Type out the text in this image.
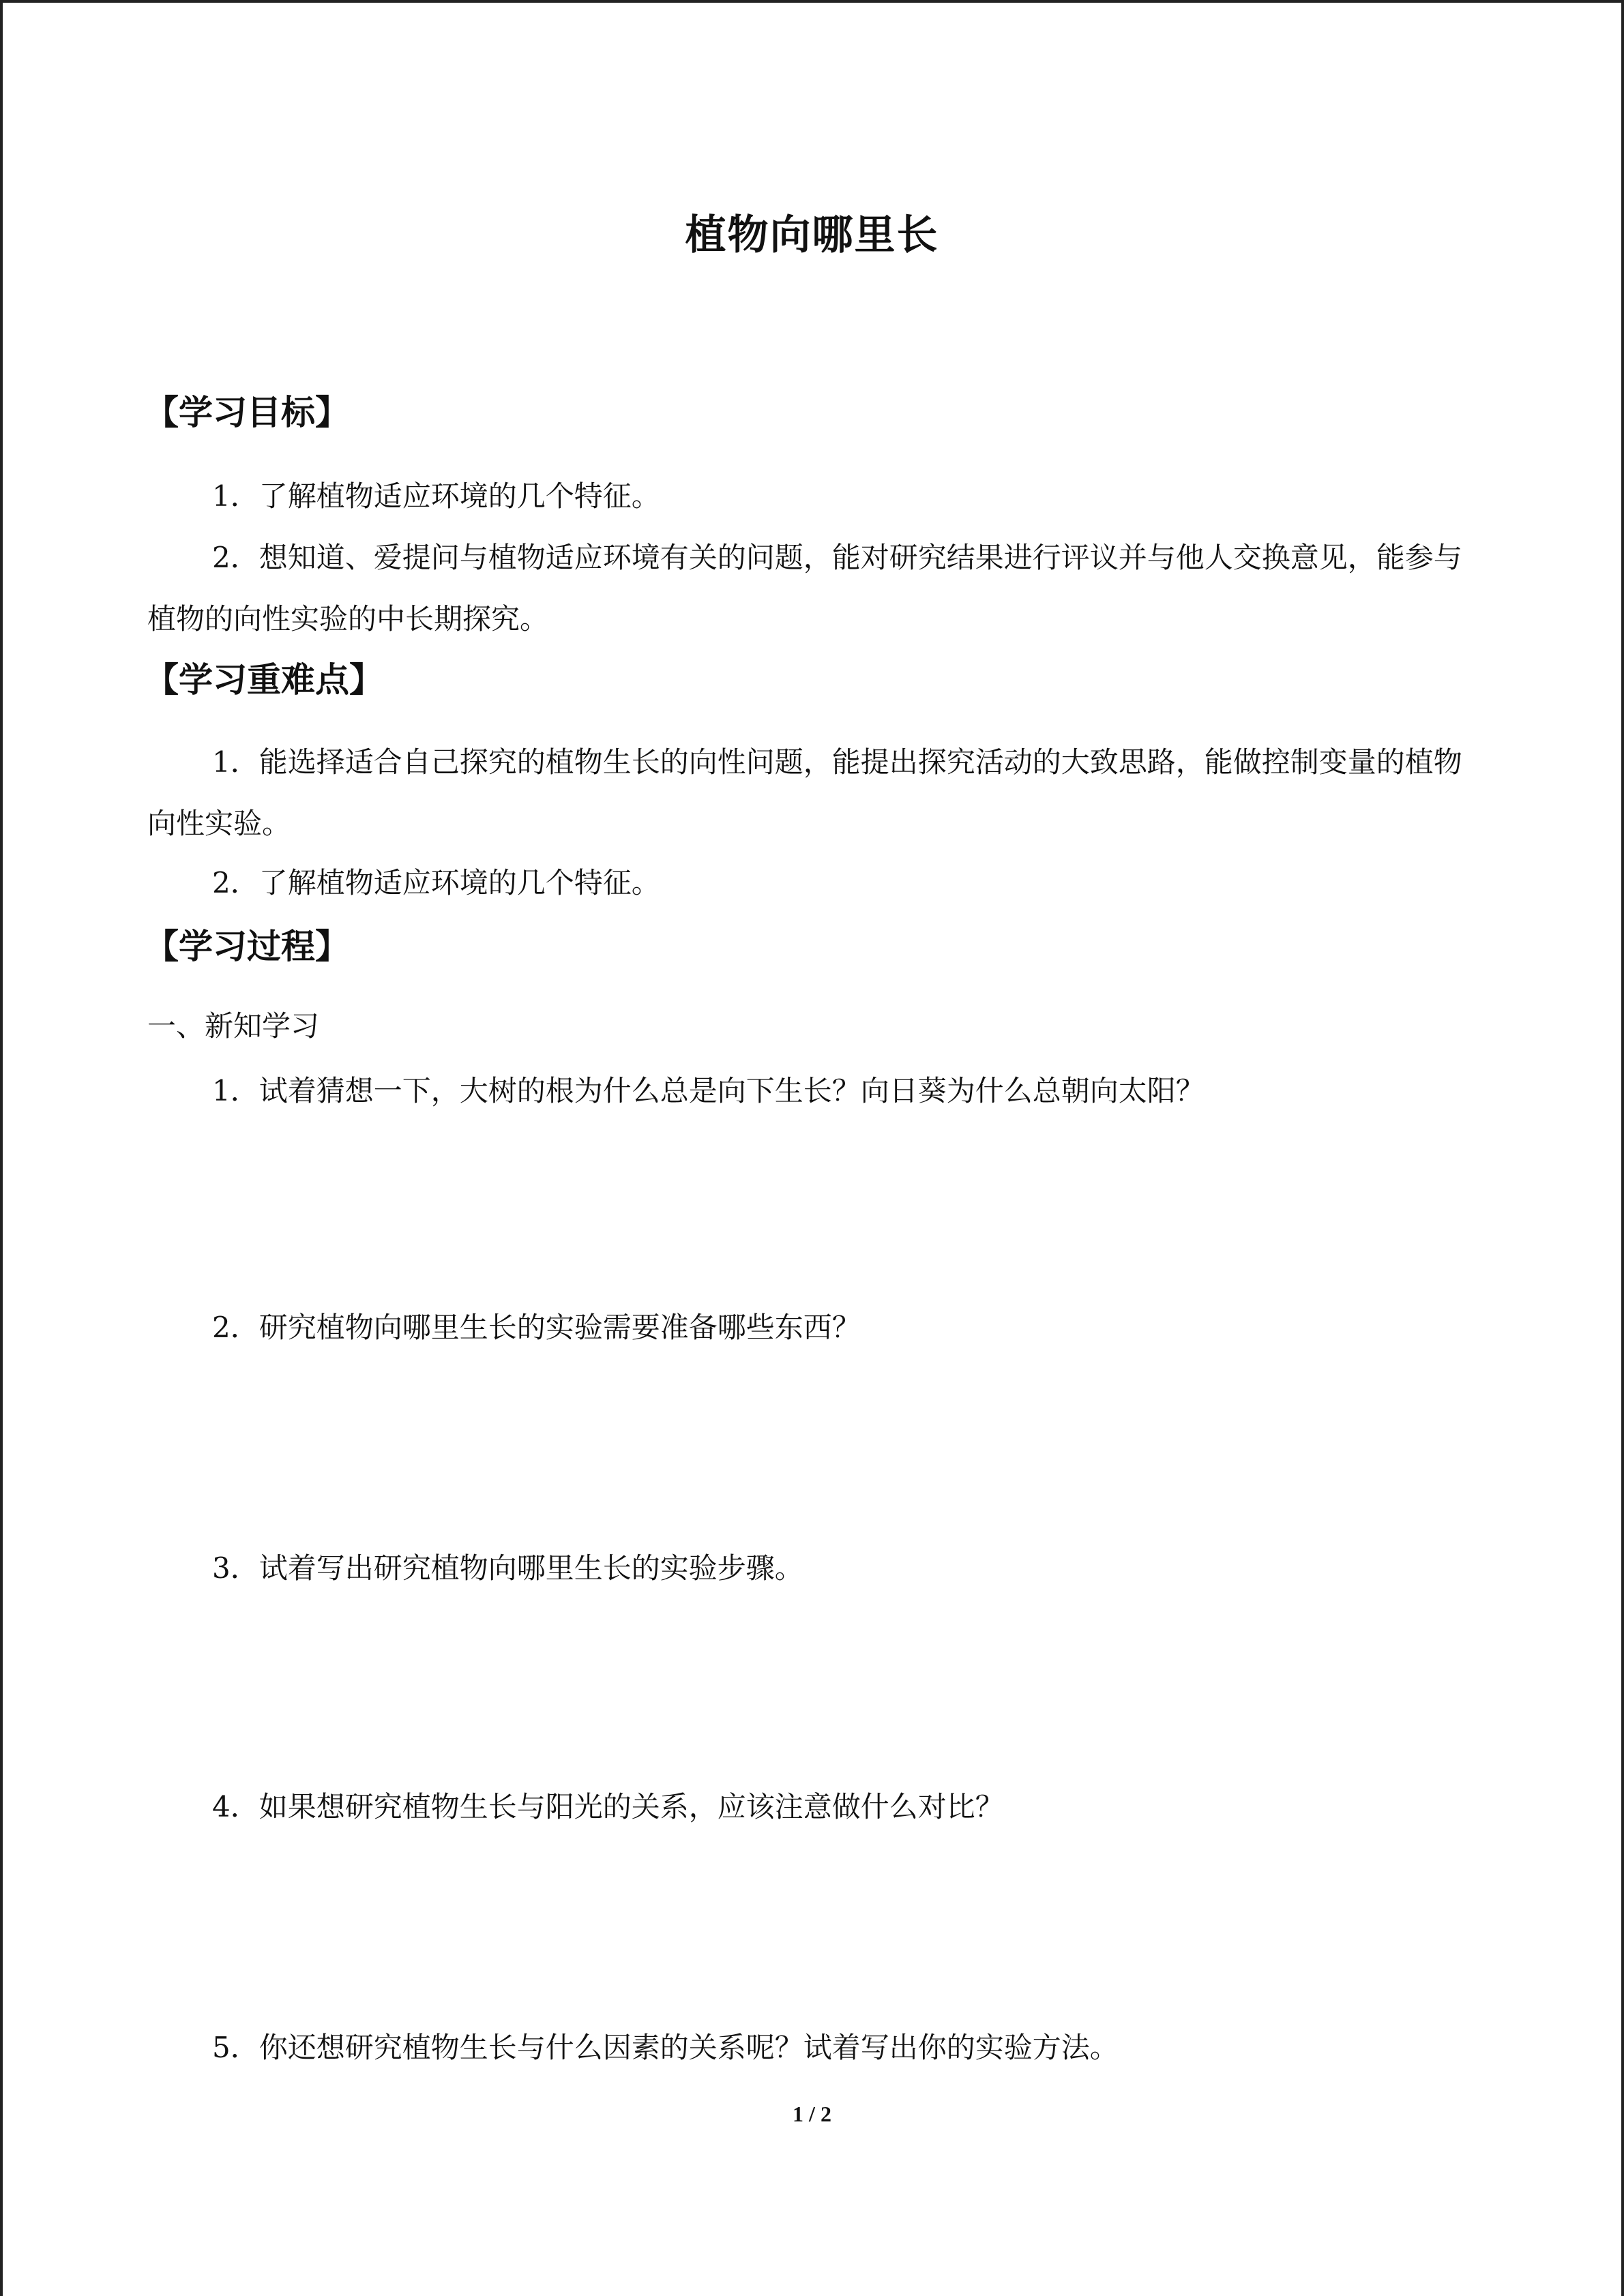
植物向哪里长
【学习目标】

1．了解植物适应环境的几个特征。

2．想知道、爱提问与植物适应环境有关的问题，能对研究结果进行评议并与他人交换意见，能参与植物的向性实验的中长期探究。

【学习重难点】

1．能选择适合自己探究的植物生长的向性问题，能提出探究活动的大致思路，能做控制变量的植物向性实验。

2．了解植物适应环境的几个特征。

【学习过程】

一、新知学习

1．试着猜想一下，大树的根为什么总是向下生长？向日葵为什么总朝向太阳？

2．研究植物向哪里生长的实验需要准备哪些东西？

3．试着写出研究植物向哪里生长的实验步骤。

4．如果想研究植物生长与阳光的关系，应该注意做什么对比？

5．你还想研究植物生长与什么因素的关系呢？试着写出你的实验方法。

1 / 2
